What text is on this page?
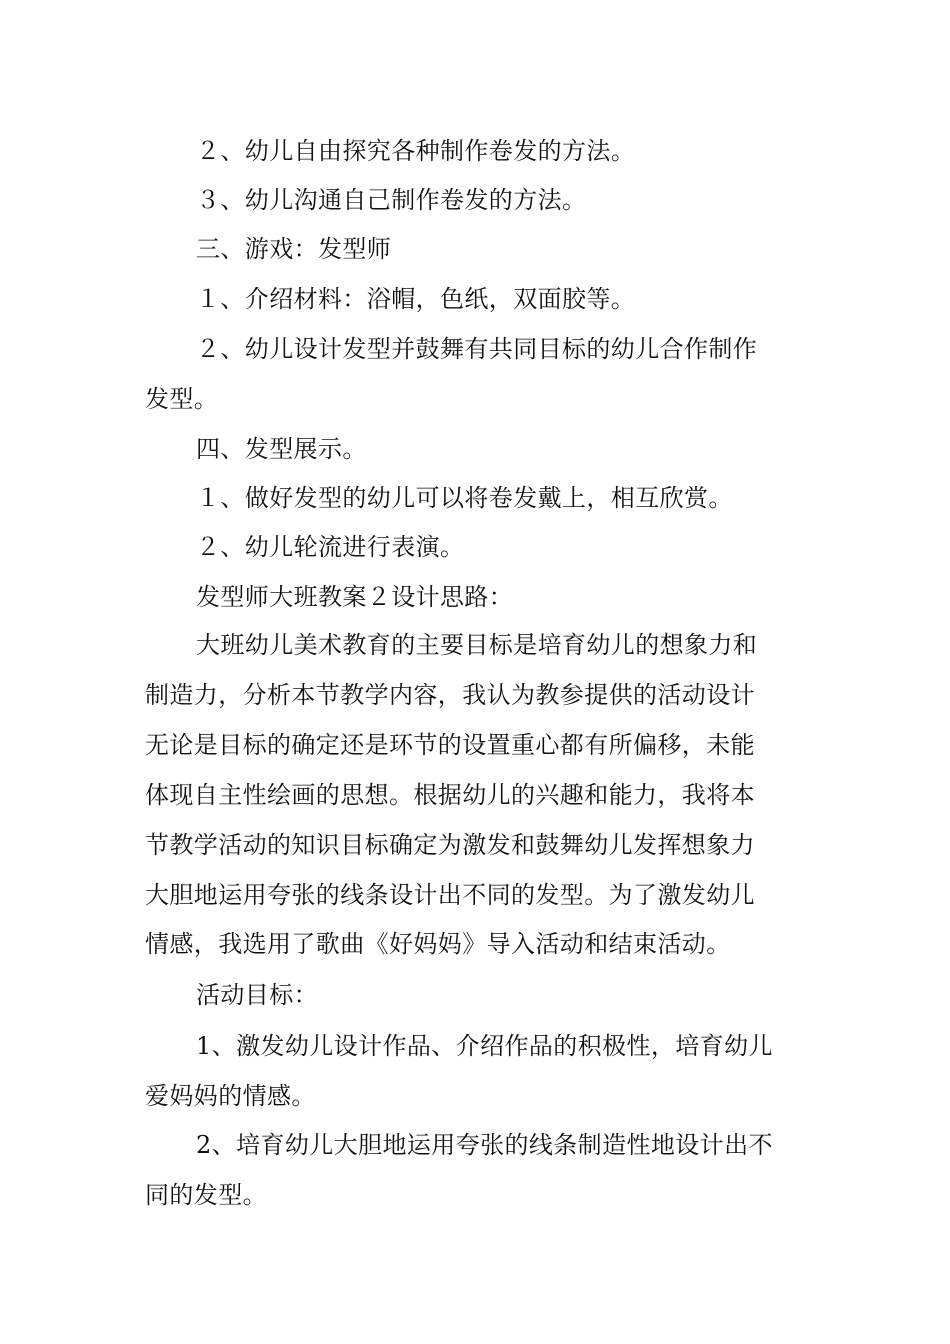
２、幼儿自由探究各种制作卷发的方法。
３、幼儿沟通自己制作卷发的方法。
三、游戏：发型师
１、介绍材料：浴帽，色纸，双面胶等。
２、幼儿设计发型并鼓舞有共同目标的幼儿合作制作
发型。
四、发型展示。
１、做好发型的幼儿可以将卷发戴上，相互欣赏。
２、幼儿轮流进行表演。
发型师大班教案２设计思路：
大班幼儿美术教育的主要目标是培育幼儿的想象力和
制造力，分析本节教学内容，我认为教参提供的活动设计
无论是目标的确定还是环节的设置重心都有所偏移，未能
体现自主性绘画的思想。根据幼儿的兴趣和能力，我将本
节教学活动的知识目标确定为激发和鼓舞幼儿发挥想象力
大胆地运用夸张的线条设计出不同的发型。为了激发幼儿
情感，我选用了歌曲《好妈妈》导入活动和结束活动。
活动目标：
1、激发幼儿设计作品、介绍作品的积极性，培育幼儿
爱妈妈的情感。
2、培育幼儿大胆地运用夸张的线条制造性地设计出不
同的发型。
